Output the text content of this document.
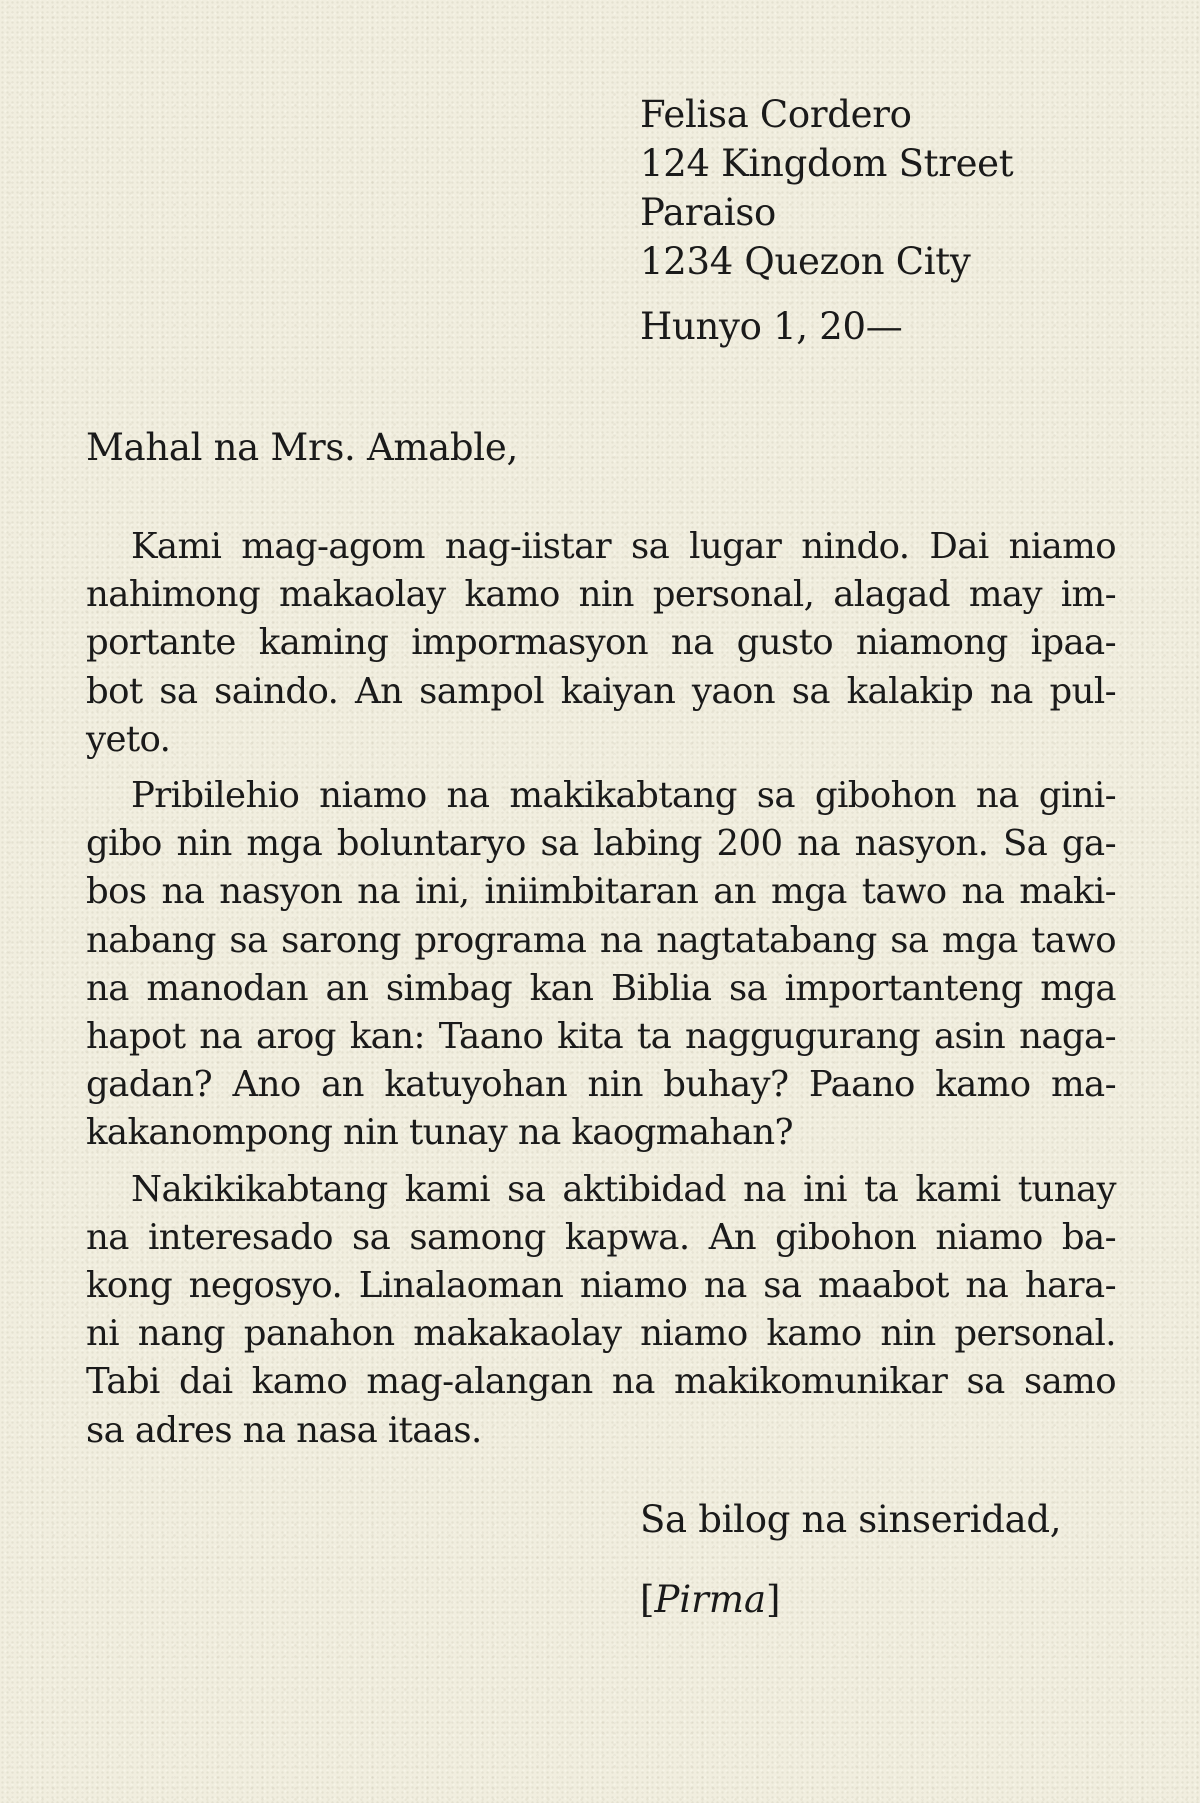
Felisa Cordero
124 Kingdom Street
Paraiso
1234 Quezon City
Hunyo 1, 20—
Mahal na Mrs. Amable,

Kami mag-agom nag-iistar sa lugar nindo. Dai niamo
nahimong makaolay kamo nin personal, alagad may im-
portante kaming impormasyon na gusto niamong ipaa-
bot sa saindo. An sampol kaiyan yaon sa kalakip na pul-
yeto.

Pribilehio niamo na makikabtang sa gibohon na gini-
gibo nin mga boluntaryo sa labing 200 na nasyon. Sa ga-
bos na nasyon na ini, iniimbitaran an mga tawo na maki-
nabang sa sarong programa na nagtatabang sa mga tawo
na manodan an simbag kan Biblia sa importanteng mga
hapot na arog kan: Taano kita ta naggugurang asin naga-
gadan? Ano an katuyohan nin buhay? Paano kamo ma-
kakanompong nin tunay na kaogmahan?

Nakikikabtang kami sa aktibidad na ini ta kami tunay
na interesado sa samong kapwa. An gibohon niamo ba-
kong negosyo. Linalaoman niamo na sa maabot na hara-
ni nang panahon makakaolay niamo kamo nin personal.
Tabi dai kamo mag-alangan na makikomunikar sa samo
sa adres na nasa itaas.

Sa bilog na sinseridad,
[Pirma]
